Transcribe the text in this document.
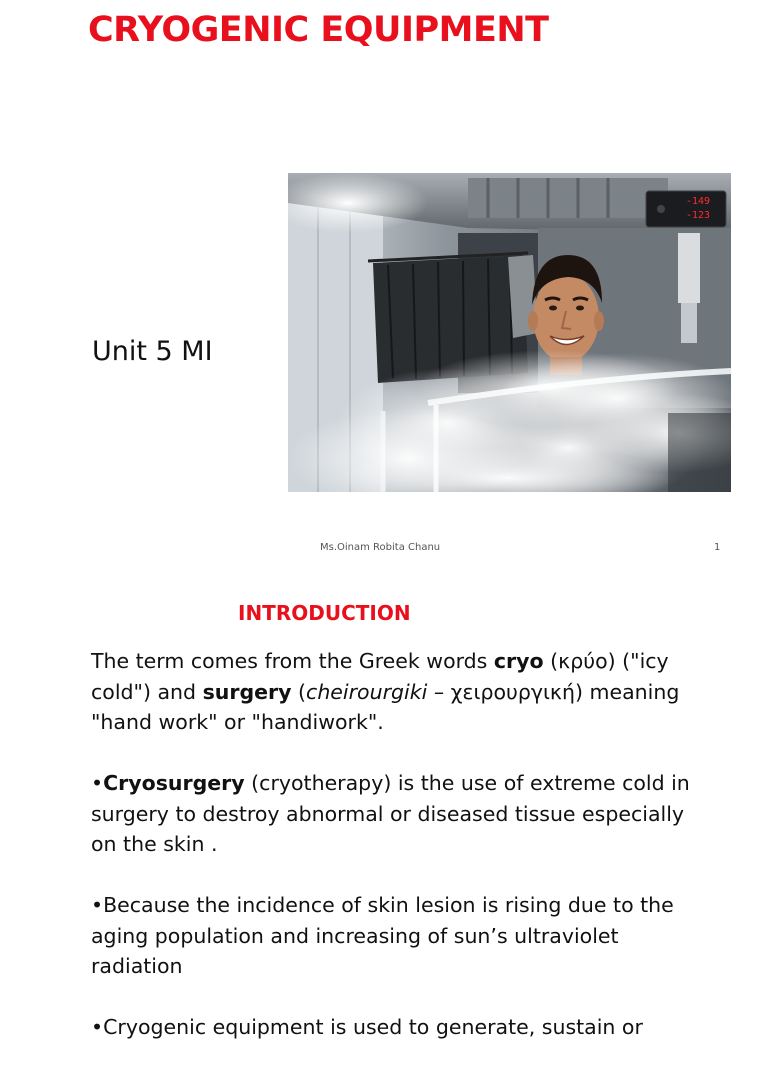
CRYOGENIC EQUIPMENT
Unit 5 MI
-149
-123
Ms.Oinam Robita Chanu	1
INTRODUCTION

The term comes from the Greek words cryo (κρύο) ("icy cold") and surgery (cheirourgiki – χειρουργική) meaning "hand work" or "handiwork".

•Cryosurgery (cryotherapy) is the use of extreme cold in surgery to destroy abnormal or diseased tissue especially on the skin .

•Because the incidence of skin lesion is rising due to the aging population and increasing of sun’s ultraviolet radiation

•Cryogenic equipment is used to generate, sustain or
